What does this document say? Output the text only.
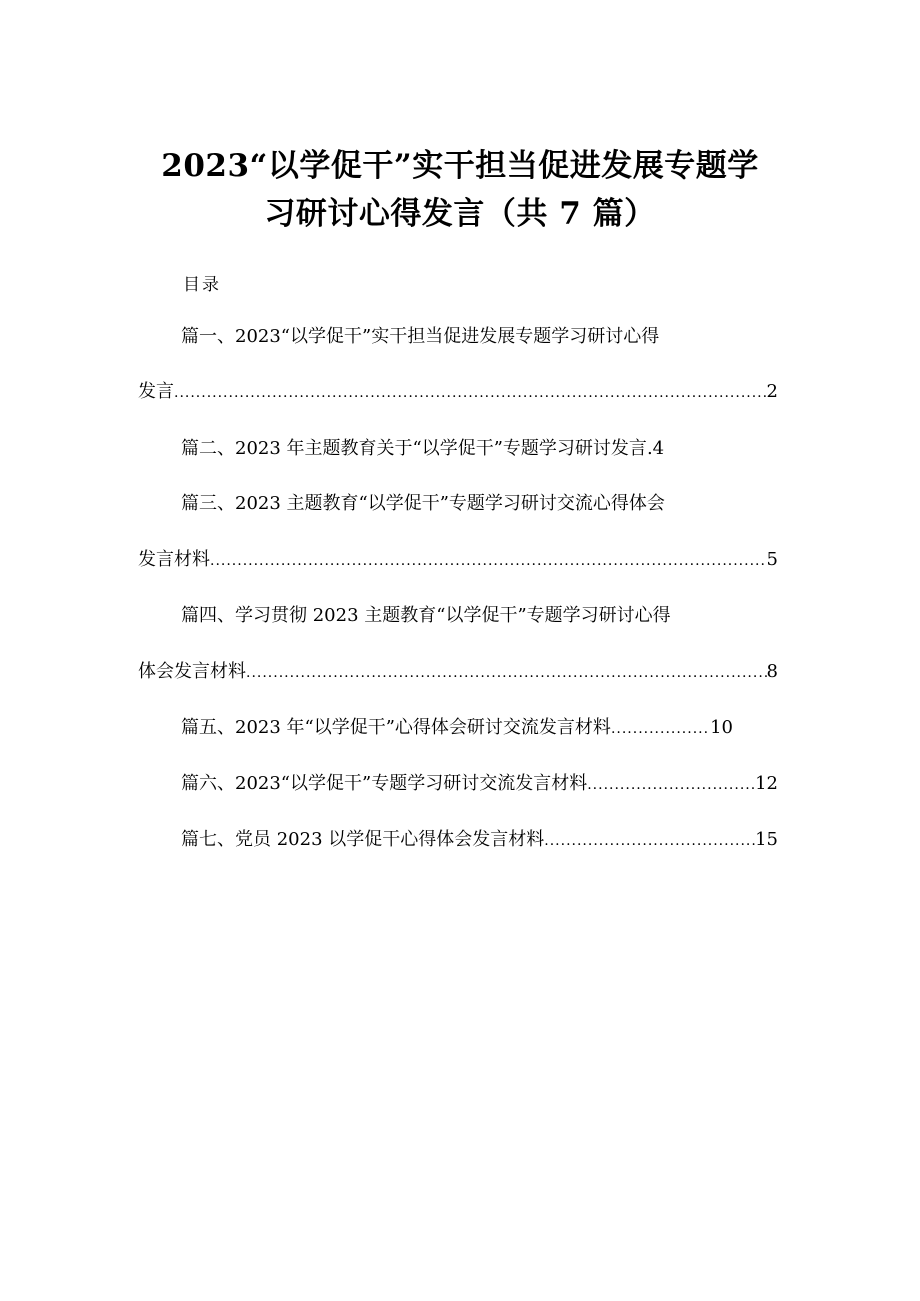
2023“以学促干”实干担当促进发展专题学
习研讨心得发言（共 7 篇）
目录
篇一、2023“以学促干”实干担当促进发展专题学习研讨心得
发言 .....	2
篇二、2023 年主题教育关于“以学促干”专题学习研讨发言 . 4
篇三、2023 主题教育“以学促干”专题学习研讨交流心得体会
发言材料 .....	5
篇四、学习贯彻 2023 主题教育“以学促干”专题学习研讨心得
体会发言材料 .....	8
篇五、2023 年“以学促干”心得体会研讨交流发言材料 .....	10
篇六、2023“以学促干”专题学习研讨交流发言材料 .....	12
篇七、党员 2023 以学促干心得体会发言材料 .....	15
